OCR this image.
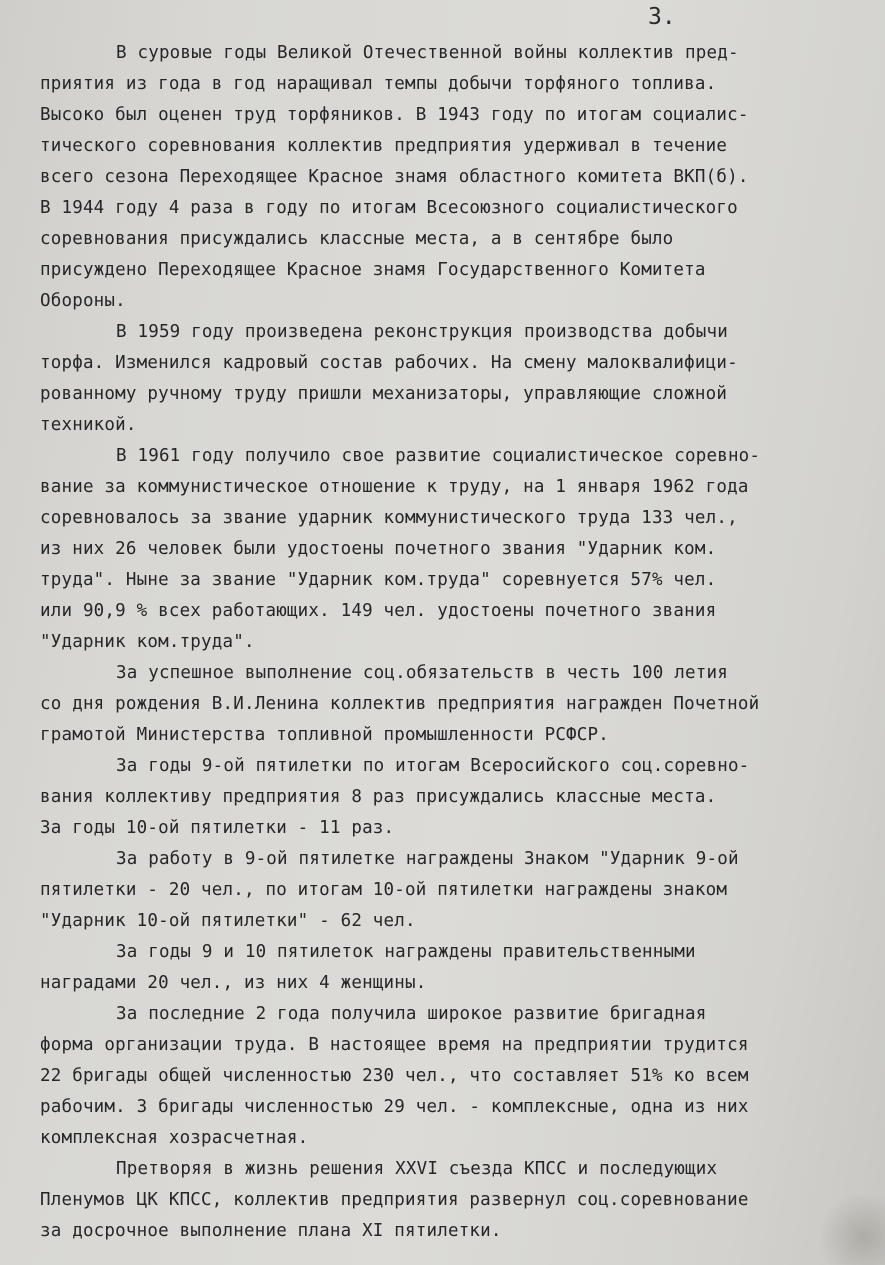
3.
В суровые годы Великой Отечественной войны коллектив пред-
приятия из года в год наращивал темпы добычи торфяного топлива.
Высоко был оценен труд торфяников. В 1943 году по итогам социалис-
тического соревнования коллектив предприятия удерживал в течение
всего сезона Переходящее Красное знамя областного комитета ВКП(б).
В 1944 году 4 раза в году по итогам Всесоюзного социалистического
соревнования присуждались классные места, а в сентябре было
присуждено Переходящее Красное знамя Государственного Комитета
Обороны.
В 1959 году произведена реконструкция производства добычи
торфа. Изменился кадровый состав рабочих. На смену малоквалифици-
рованному ручному труду пришли механизаторы, управляющие сложной
техникой.
В 1961 году получило свое развитие социалистическое соревно-
вание за коммунистическое отношение к труду, на 1 января 1962 года
соревновалось за звание ударник коммунистического труда 133 чел.,
из них 26 человек были удостоены почетного звания "Ударник ком.
труда". Ныне за звание "Ударник ком.труда" соревнуется 57% чел.
или 90,9 % всех работающих. 149 чел. удостоены почетного звания
"Ударник ком.труда".
За успешное выполнение соц.обязательств в честь 100 летия
со дня рождения В.И.Ленина коллектив предприятия награжден Почетной
грамотой Министерства топливной промышленности РСФСР.
За годы 9-ой пятилетки по итогам Всеросийского соц.соревно-
вания коллективу предприятия 8 раз присуждались классные места.
За годы 10-ой пятилетки - 11 раз.
За работу в 9-ой пятилетке награждены Знаком "Ударник 9-ой
пятилетки - 20 чел., по итогам 10-ой пятилетки награждены знаком
"Ударник 10-ой пятилетки" - 62 чел.
За годы 9 и 10 пятилеток награждены правительственными
наградами 20 чел., из них 4 женщины.
За последние 2 года получила широкое развитие бригадная
форма организации труда. В настоящее время на предприятии трудится
22 бригады общей численностью 230 чел., что составляет 51% ко всем
рабочим. 3 бригады численностью 29 чел. - комплексные, одна из них
комплексная хозрасчетная.
Претворяя в жизнь решения XXVI съезда КПСС и последующих
Пленумов ЦК КПСС, коллектив предприятия развернул соц.соревнование
за досрочное выполнение плана XI пятилетки.
